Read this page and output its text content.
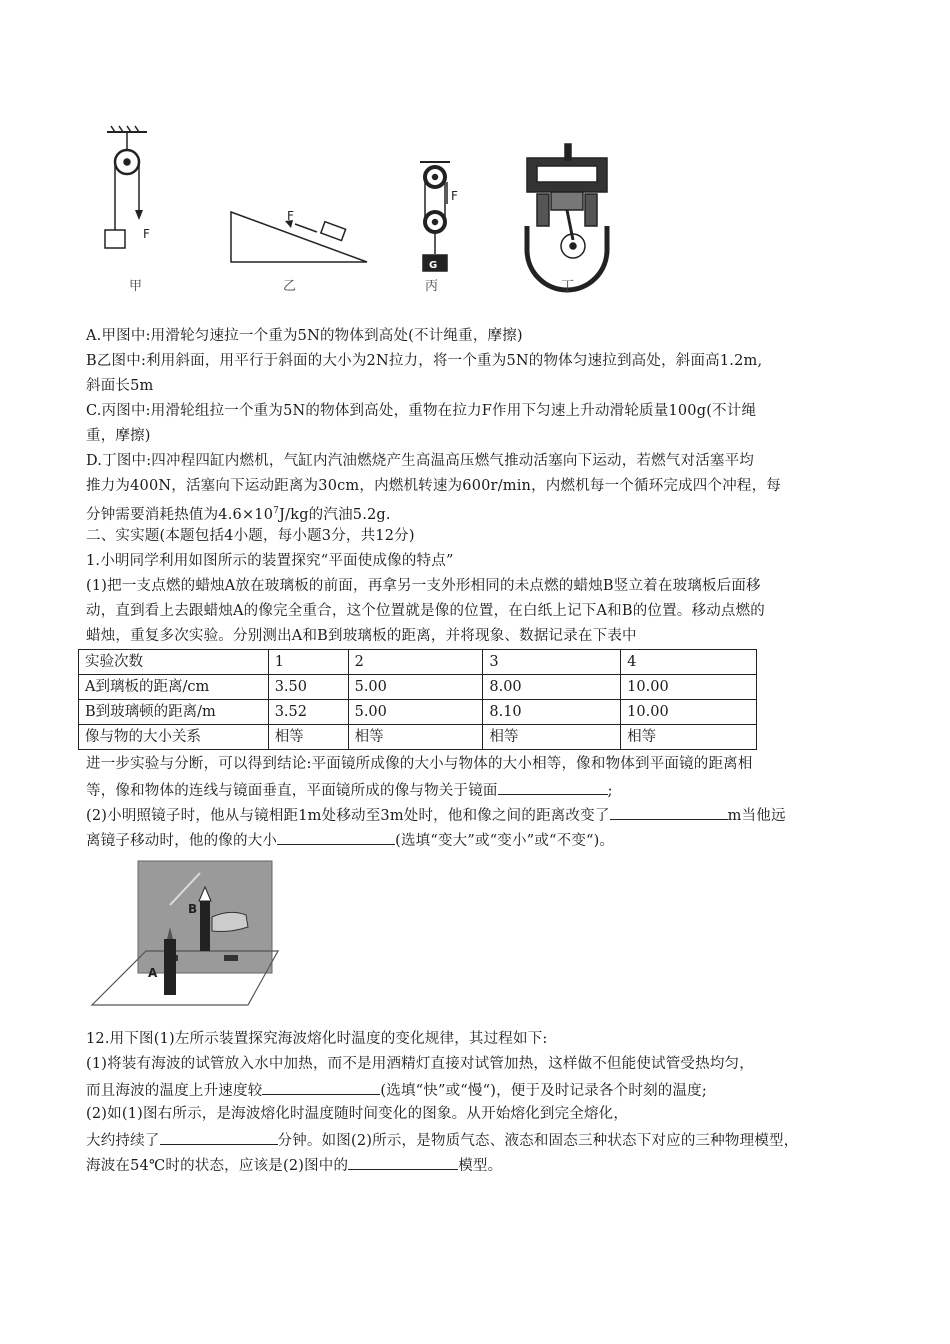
F
甲
F
乙
F
G
丙	丁
A.甲图中:用滑轮匀速拉一个重为5N的物体到高处(不计绳重，摩擦)
B乙图中:利用斜面，用平行于斜面的大小为2N拉力，将一个重为5N的物体匀速拉到高处，斜面高1.2m,
斜面长5m
C.丙图中:用滑轮组拉一个重为5N的物体到高处，重物在拉力F作用下匀速上升动滑轮质量100g(不计绳
重，摩擦)
D.丁图中:四冲程四缸内燃机，气缸内汽油燃烧产生高温高压燃气推动活塞向下运动，若燃气对活塞平均
推力为400N，活塞向下运动距离为30cm，内燃机转速为600r/min，内燃机每一个循环完成四个冲程，每
分钟需要消耗热值为$4.6\times 10^7J/kg$的汽油5.2g.
二、实实题(本题包括4小题，每小题3分，共12分)
1.小明同学利用如图所示的装置探究“平面使成像的特点”
(1)把一支点燃的蜡烛A放在玻璃板的前面，再拿另一支外形相同的未点燃的蜡烛B竖立着在玻璃板后面移
动，直到看上去跟蜡烛A的像完全重合，这个位置就是像的位置，在白纸上记下A和B的位置。移动点燃的
蜡烛，重复多次实验。分别测出A和B到玻璃板的距离，并将现象、数据记录在下表中
实验次数	1	2	3	4
A到璃板的距离/cm	3.50	5.00	8.00	10.00
B到玻璃顿的距离/m	3.52	5.00	8.10	10.00
像与物的大小关系	相等	相等	相等	相等
进一步实验与分断，可以得到结论:平面镜所成像的大小与物体的大小相等，像和物体到平面镜的距离相
等，像和物体的连线与镜面垂直，平面镜所成的像与物关于镜面	;
(2)小明照镜子时，他从与镜相距1m处移动至3m处时，他和像之间的距离改变了	m当他远
离镜子移动时，他的像的大小	(选填“变大”或“变小”或“不变“)。
A
B
12.用下图(1)左所示装置探究海波熔化时温度的变化规律，其过程如下:
(1)将装有海波的试管放入水中加热，而不是用酒精灯直接对试管加热，这样做不但能使试管受热均匀，
而且海波的温度上升速度较	(选填“快”或“慢“)，便于及时记录各个时刻的温度;
(2)如(1)图右所示，是海波熔化时温度随时间变化的图象。从开始熔化到完全熔化，
大约持续了	分钟。如图(2)所示，是物质气态、液态和固态三种状态下对应的三种物理模型，
海波在54℃时的状态，应该是(2)图中的	模型。
